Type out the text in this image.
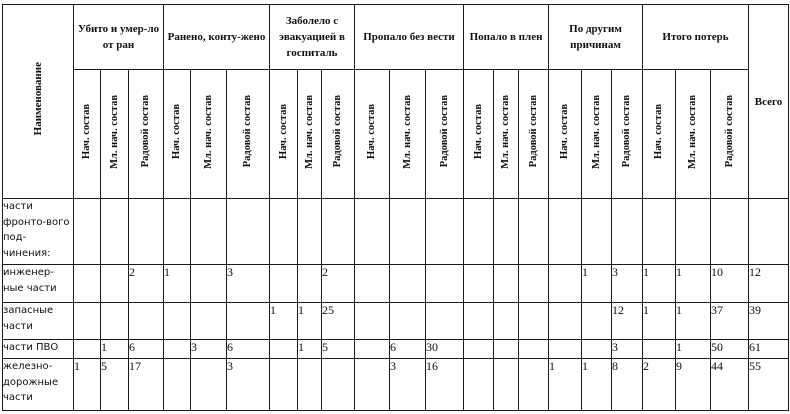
Наименование	Убито и умер-ло от ран			Ранено, конту-жено			Заболело с эвакуацией в госпиталь			Пропало без вести			Попало в плен			По другим причинам			Итого потерь			Всего
	Нач. состав	Мл. нач. состав	Радовой состав	Нач. состав	Мл. нач. состав	Радовой состав	Нач. состав	Мл. нач. состав	Радовой состав	Нач. состав	Мл. нач. состав	Радовой состав	Нач. состав	Мл. нач. состав	Радовой состав	Нач. состав	Мл. нач. состав	Радовой состав	Нач. состав	Мл. нач. состав	Радовой состав	
части фронто-вого под-чинения:																						
инженер-ные части			2	1		3			2								1	3	1	1	10	12
запасные части							1	1	25									12	1	1	37	39
части ПВО		1	6		3	6		1	5		6	30						3		1	50	61
железно-дорожные части	1	5	17			3					3	16				1	1	8	2	9	44	55
